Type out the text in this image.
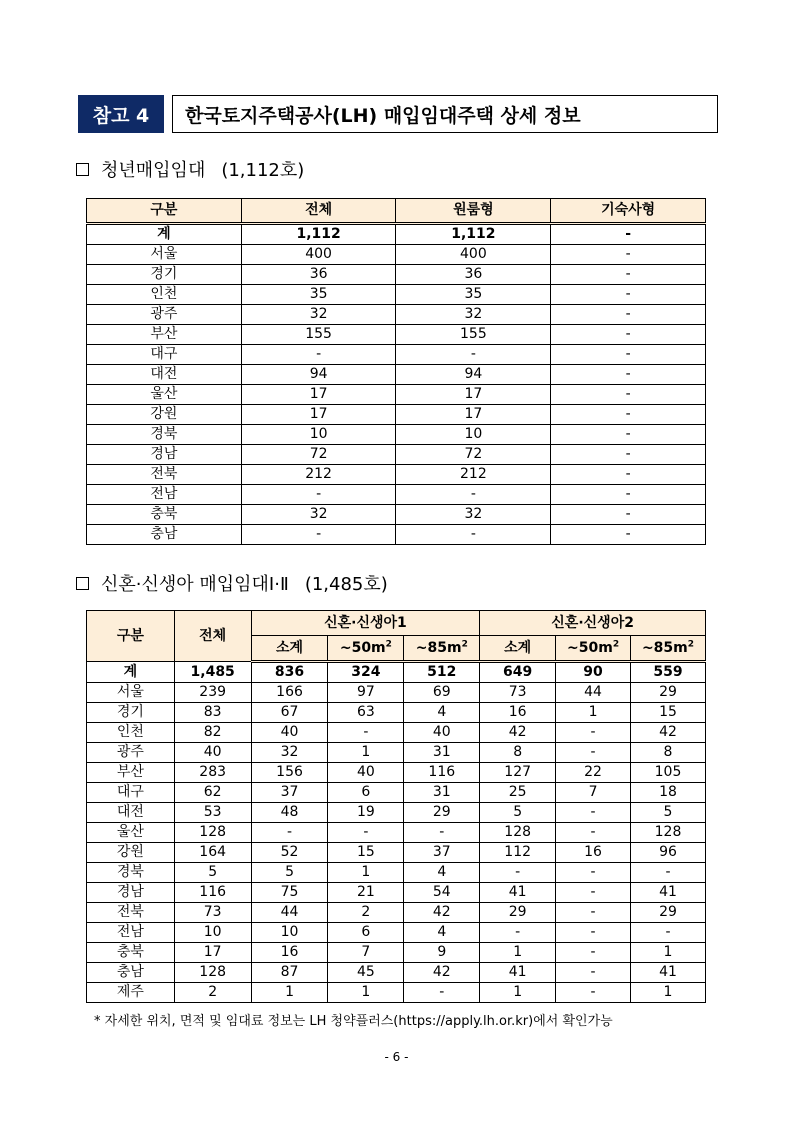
참고 4	한국토지주택공사(LH) 매입임대주택 상세 정보
청년매입임대 (1,112호)
구분	전체	원룸형	기숙사형
계	1,112	1,112	-
서울	400	400	-
경기	36	36	-
인천	35	35	-
광주	32	32	-
부산	155	155	-
대구	-	-	-
대전	94	94	-
울산	17	17	-
강원	17	17	-
경북	10	10	-
경남	72	72	-
전북	212	212	-
전남	-	-	-
충북	32	32	-
충남	-	-	-
신혼·신생아 매입임대Ⅰ·Ⅱ (1,485호)
구분	전체	신혼·신생아1			신혼·신생아2		
		소계	$\sim 50m^2$	$\sim 85m^2$	소계	$\sim 50m^2$	$\sim 85m^2$
계	1,485	836	324	512	649	90	559
서울	239	166	97	69	73	44	29
경기	83	67	63	4	16	1	15
인천	82	40	-	40	42	-	42
광주	40	32	1	31	8	-	8
부산	283	156	40	116	127	22	105
대구	62	37	6	31	25	7	18
대전	53	48	19	29	5	-	5
울산	128	-	-	-	128	-	128
강원	164	52	15	37	112	16	96
경북	5	5	1	4	-	-	-
경남	116	75	21	54	41	-	41
전북	73	44	2	42	29	-	29
전남	10	10	6	4	-	-	-
충북	17	16	7	9	1	-	1
충남	128	87	45	42	41	-	41
제주	2	1	1	-	1	-	1
* 자세한 위치, 면적 및 임대료 정보는 LH 청약플러스(https://apply.lh.or.kr)에서 확인가능
- 6 -
